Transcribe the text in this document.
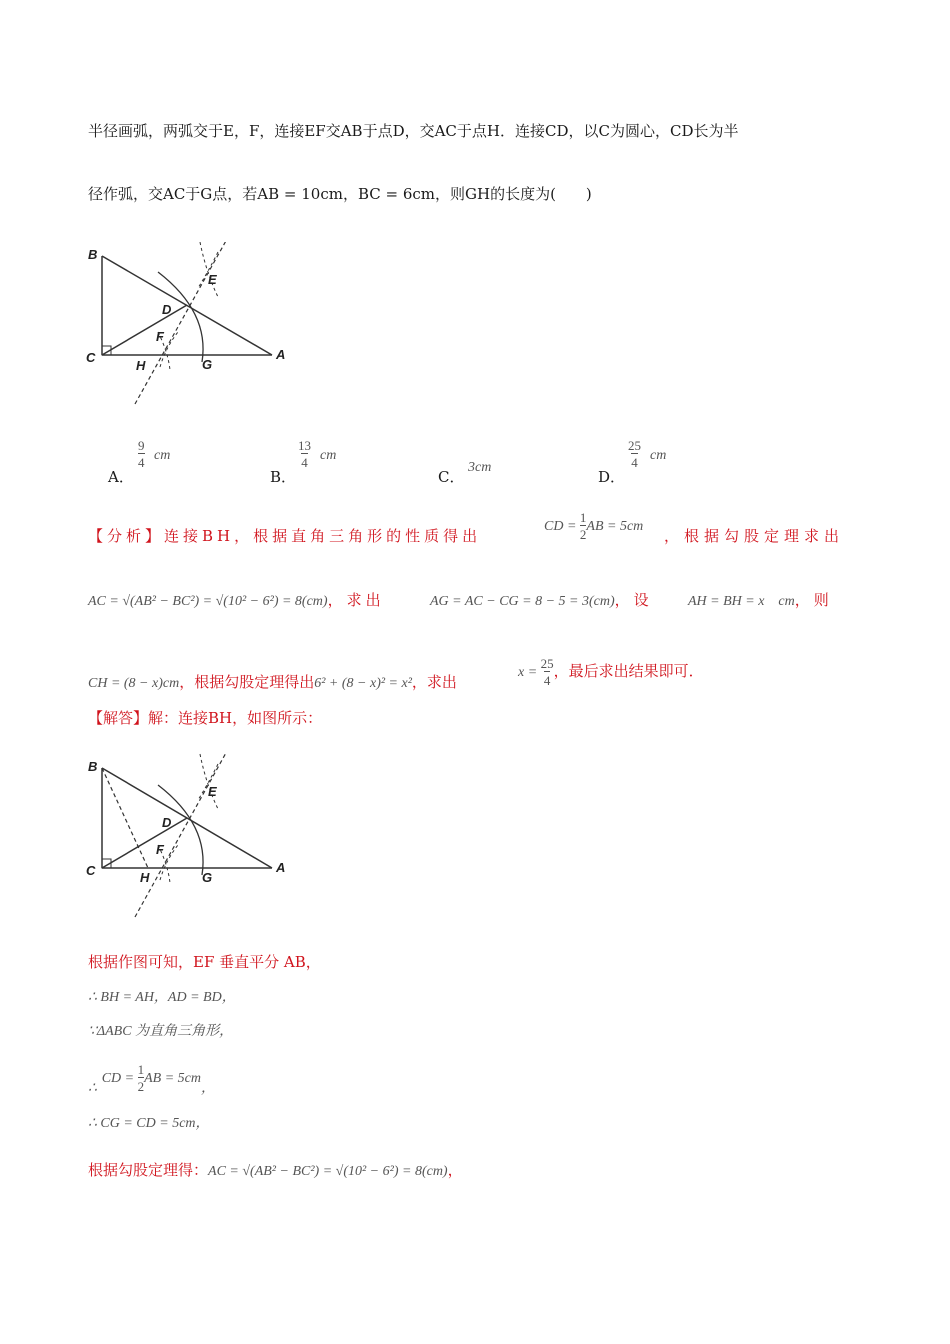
半径画弧，两弧交于E，F，连接EF交AB于点D，交AC于点H．连接CD，以C为圆心，CD长为半
径作弧，交AC于G点，若AB = 10cm，BC = 6cm，则GH的长度为(　　)
B
C	A
D
E
F
H	G
A．
$\frac{9}{4}$ cm
B．
$\frac{13}{4}$ cm
C．
3cm
D．
$\frac{25}{4}$ cm
【分析】连接BH，根据直角三角形的性质得出
CD = $\frac{1}{2}$ AB = 5cm
，根据勾股定理求出
AC = √(AB² − BC²) = √(10² − 6²) = 8(cm)，求出	AG = AC − CG = 8 − 5 = 3(cm)，设	AH = BH = x　cm，则
CH = (8 − x)cm，根据勾股定理得出6² + (8 − x)² = x²，求出
$x = \frac{25}{4}$ ，最后求出结果即可．
【解答】解：连接BH，如图所示：
B
C	A
D
E
F
H	G
根据作图可知，EF 垂直平分 AB，
∴ BH = AH，AD = BD，
∵ΔABC 为直角三角形，
∴ CD = $\frac{1}{2}$ AB = 5cm，
∴ CG = CD = 5cm，
根据勾股定理得：AC = √(AB² − BC²) = √(10² − 6²) = 8(cm)，
